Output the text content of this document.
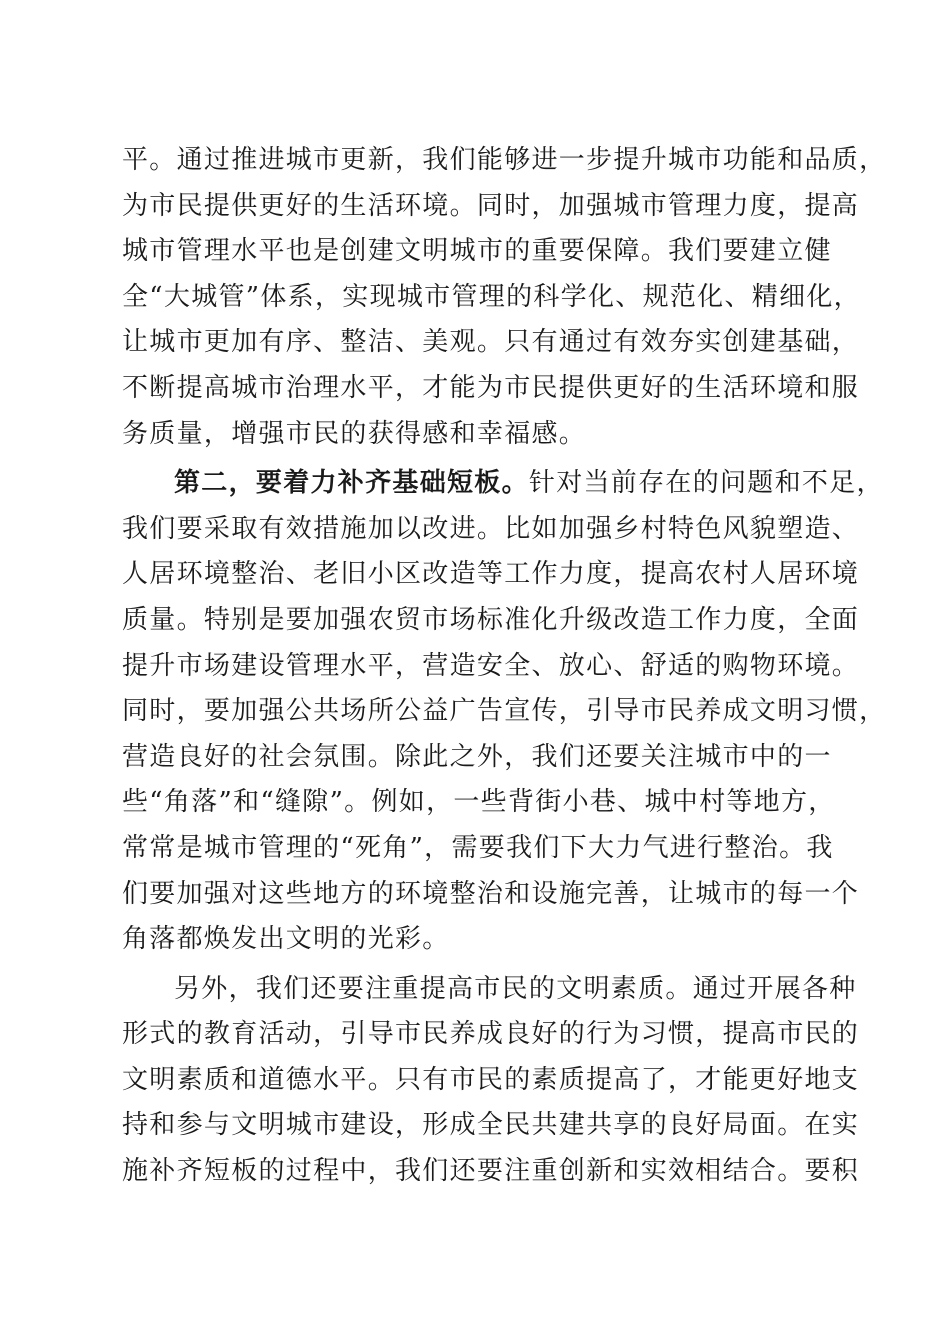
平。通过推进城市更新，我们能够进一步提升城市功能和品质，
为市民提供更好的生活环境。同时，加强城市管理力度，提高
城市管理水平也是创建文明城市的重要保障。我们要建立健
全“大城管”体系，实现城市管理的科学化、规范化、精细化，
让城市更加有序、整洁、美观。只有通过有效夯实创建基础，
不断提高城市治理水平，才能为市民提供更好的生活环境和服
务质量，增强市民的获得感和幸福感。
第二，要着力补齐基础短板。针对当前存在的问题和不足，
我们要采取有效措施加以改进。比如加强乡村特色风貌塑造、
人居环境整治、老旧小区改造等工作力度，提高农村人居环境
质量。特别是要加强农贸市场标准化升级改造工作力度，全面
提升市场建设管理水平，营造安全、放心、舒适的购物环境。
同时，要加强公共场所公益广告宣传，引导市民养成文明习惯，
营造良好的社会氛围。除此之外，我们还要关注城市中的一
些“角落”和“缝隙”。例如，一些背街小巷、城中村等地方，
常常是城市管理的“死角”，需要我们下大力气进行整治。我
们要加强对这些地方的环境整治和设施完善，让城市的每一个
角落都焕发出文明的光彩。
另外，我们还要注重提高市民的文明素质。通过开展各种
形式的教育活动，引导市民养成良好的行为习惯，提高市民的
文明素质和道德水平。只有市民的素质提高了，才能更好地支
持和参与文明城市建设，形成全民共建共享的良好局面。在实
施补齐短板的过程中，我们还要注重创新和实效相结合。要积
